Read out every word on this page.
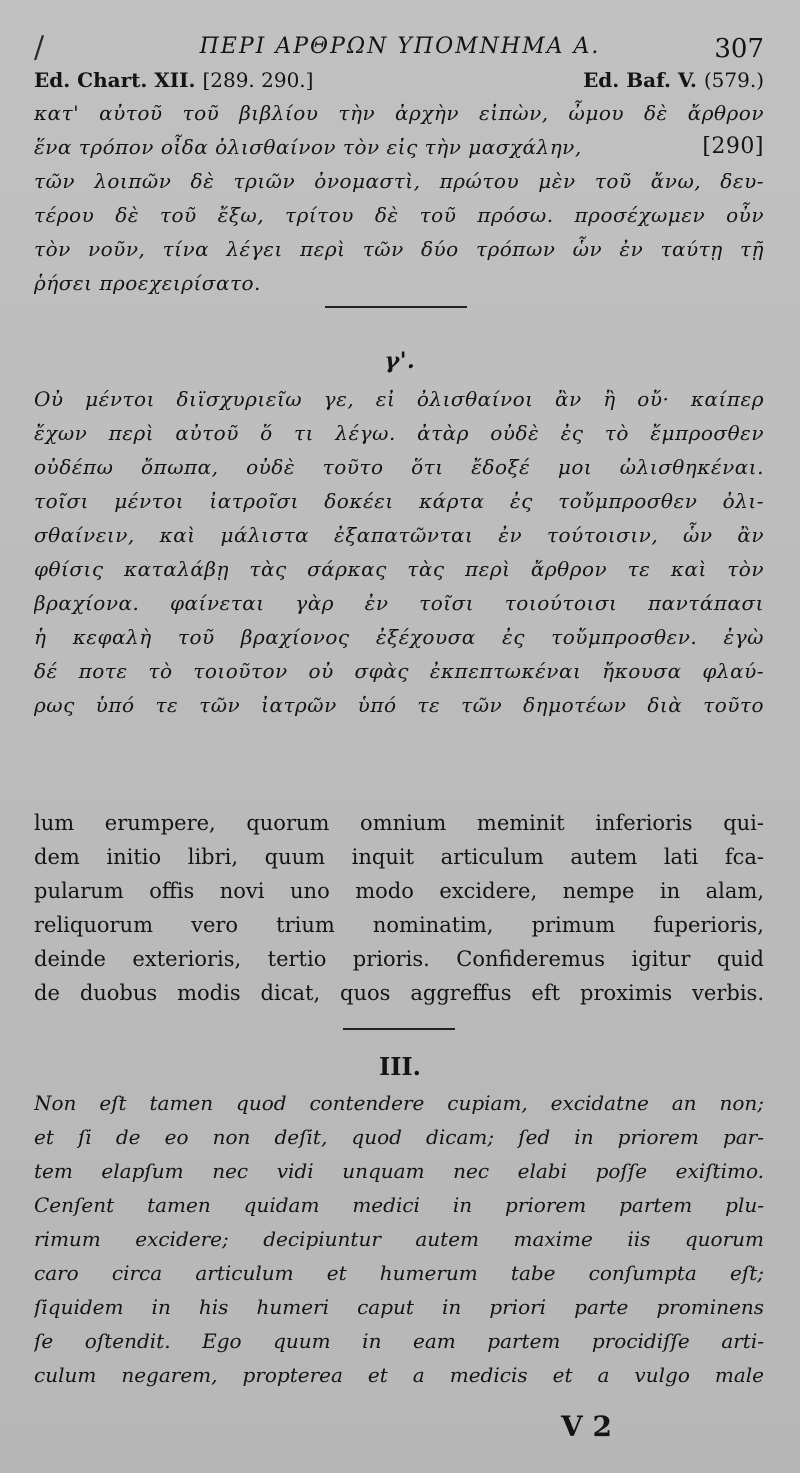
/	ΠΕΡΙ ΑΡΘΡΩΝ ΥΠΟΜΝΗΜΑ Α.	307
Ed. Chart. XII. [289. 290.]	Ed. Baf. V. (579.)
κατ' αὐτοῦ τοῦ βιβλίου τὴν ἀρχὴν εἰπὼν, ὦμου δὲ ἄρθρον
[290]
ἕνα τρόπον οἶδα ὀλισθαίνον τὸν εἰς τὴν μασχάλην,
τῶν λοιπῶν δὲ τριῶν ὀνομαστὶ, πρώτου μὲν τοῦ ἄνω, δευ-
τέρου δὲ τοῦ ἔξω, τρίτου δὲ τοῦ πρόσω. προσέχωμεν οὖν
τὸν νοῦν, τίνα λέγει περὶ τῶν δύο τρόπων ὧν ἐν ταύτῃ τῇ
ῥήσει προεχειρίσατο.
γ'.
Οὐ μέντοι διϊσχυριεῖω γε, εἰ ὀλισθαίνοι ἂν ἢ οὔ· καίπερ
ἔχων περὶ αὐτοῦ ὅ τι λέγω. ἀτὰρ οὐδὲ ἐς τὸ ἔμπροσθεν
οὐδέπω ὄπωπα, οὐδὲ τοῦτο ὅτι ἔδοξέ μοι ὠλισθηκέναι.
τοῖσι μέντοι ἰατροῖσι δοκέει κάρτα ἐς τοὔμπροσθεν ὀλι-
σθαίνειν, καὶ μάλιστα ἐξαπατῶνται ἐν τούτοισιν, ὧν ἂν
φθίσις καταλάβῃ τὰς σάρκας τὰς περὶ ἄρθρον τε καὶ τὸν
βραχίονα. φαίνεται γὰρ ἐν τοῖσι τοιούτοισι παντάπασι
ἡ κεφαλὴ τοῦ βραχίονος ἐξέχουσα ἐς τοὔμπροσθεν. ἐγὼ
δέ ποτε τὸ τοιοῦτον οὐ σφὰς ἐκπεπτωκέναι ἤκουσα φλαύ-
ρως ὑπό τε τῶν ἰατρῶν ὑπό τε τῶν δημοτέων διὰ τοῦτο
lum erumpere, quorum omnium meminit inferioris qui-
dem initio libri, quum inquit articulum autem lati fca-
pularum offis novi uno modo excidere, nempe in alam,
reliquorum vero trium nominatim, primum fuperioris,
deinde exterioris, tertio prioris. Confideremus igitur quid
de duobus modis dicat, quos aggreffus eft proximis verbis.
III.
Non eſt tamen quod contendere cupiam, excidatne an non;
et ſi de eo non deſit, quod dicam; ſed in priorem par-
tem elapſum nec vidi unquam nec elabi poſſe exiſtimo.
Cenſent tamen quidam medici in priorem partem plu-
rimum excidere; decipiuntur autem maxime iis quorum
caro circa articulum et humerum tabe conſumpta eſt;
ſiquidem in his humeri caput in priori parte prominens
ſe oſtendit. Ego quum in eam partem procidiſſe arti-
culum negarem, propterea et a medicis et a vulgo male
V 2
